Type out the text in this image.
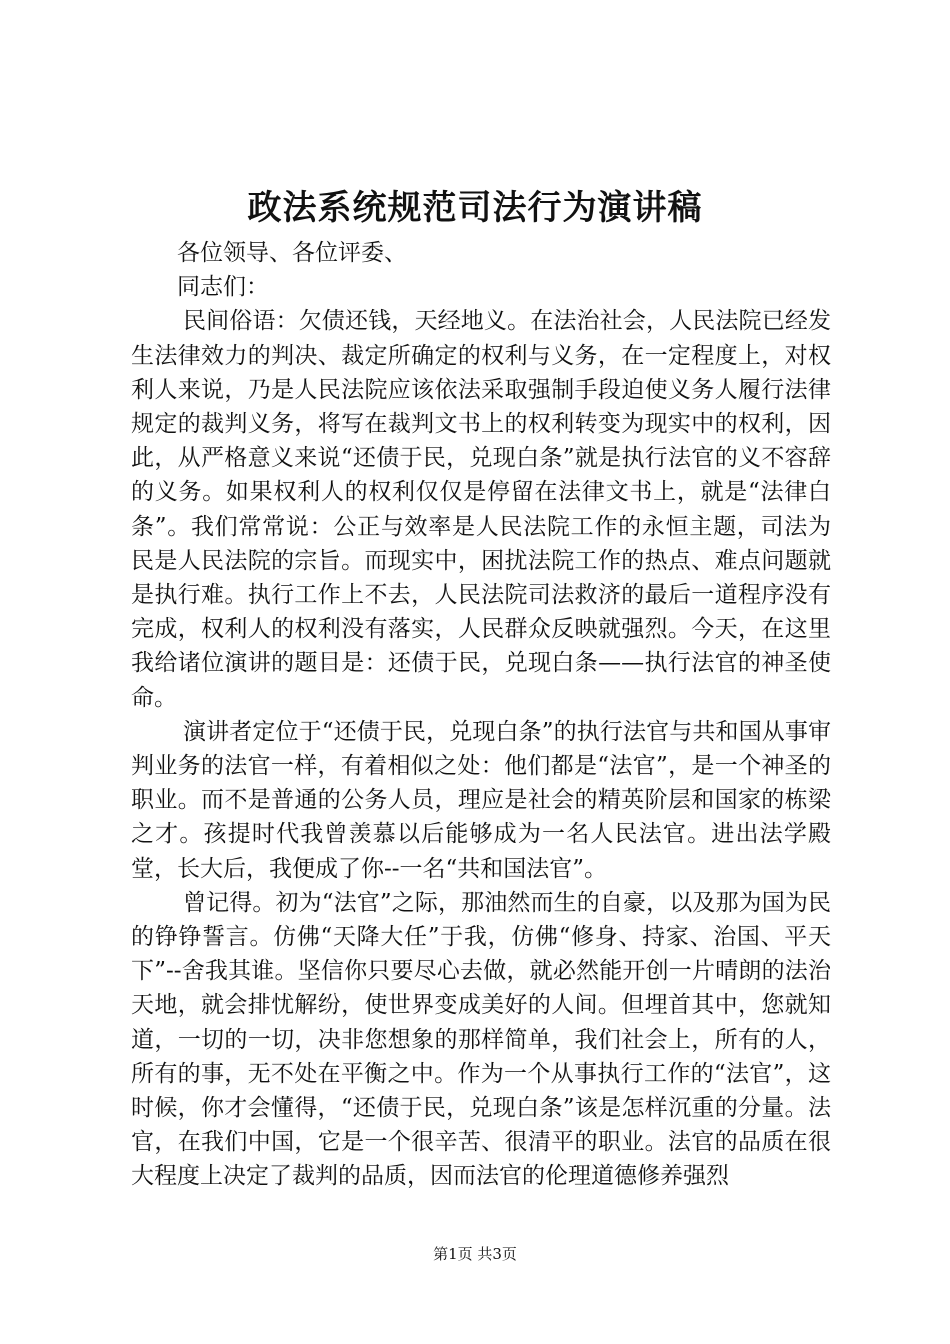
政法系统规范司法行为演讲稿

各位领导、各位评委、

同志们：

民间俗语：欠债还钱，天经地义。在法治社会，人民法院已经发生法律效力的判决、裁定所确定的权利与义务，在一定程度上，对权利人来说，乃是人民法院应该依法采取强制手段迫使义务人履行法律规定的裁判义务，将写在裁判文书上的权利转变为现实中的权利，因此，从严格意义来说“还债于民，兑现白条”就是执行法官的义不容辞的义务。如果权利人的权利仅仅是停留在法律文书上，就是“法律白条”。我们常常说：公正与效率是人民法院工作的永恒主题，司法为民是人民法院的宗旨。而现实中，困扰法院工作的热点、难点问题就是执行难。执行工作上不去，人民法院司法救济的最后一道程序没有完成，权利人的权利没有落实，人民群众反映就强烈。今天，在这里我给诸位演讲的题目是：还债于民，兑现白条——执行法官的神圣使命。

演讲者定位于“还债于民，兑现白条”的执行法官与共和国从事审判业务的法官一样，有着相似之处：他们都是“法官”，是一个神圣的职业。而不是普通的公务人员，理应是社会的精英阶层和国家的栋梁之才。孩提时代我曾羡慕以后能够成为一名人民法官。进出法学殿堂，长大后，我便成了你--一名“共和国法官”。

曾记得。初为“法官”之际，那油然而生的自豪，以及那为国为民的铮铮誓言。仿佛“天降大任”于我，仿佛“修身、持家、治国、平天下”--舍我其谁。坚信你只要尽心去做，就必然能开创一片晴朗的法治天地，就会排忧解纷，使世界变成美好的人间。但埋首其中，您就知道，一切的一切，决非您想象的那样简单，我们社会上，所有的人，所有的事，无不处在平衡之中。作为一个从事执行工作的“法官”，这时候，你才会懂得，“还债于民，兑现白条”该是怎样沉重的分量。法官，在我们中国，它是一个很辛苦、很清平的职业。法官的品质在很大程度上决定了裁判的品质，因而法官的伦理道德修养强烈

第1页 共3页
